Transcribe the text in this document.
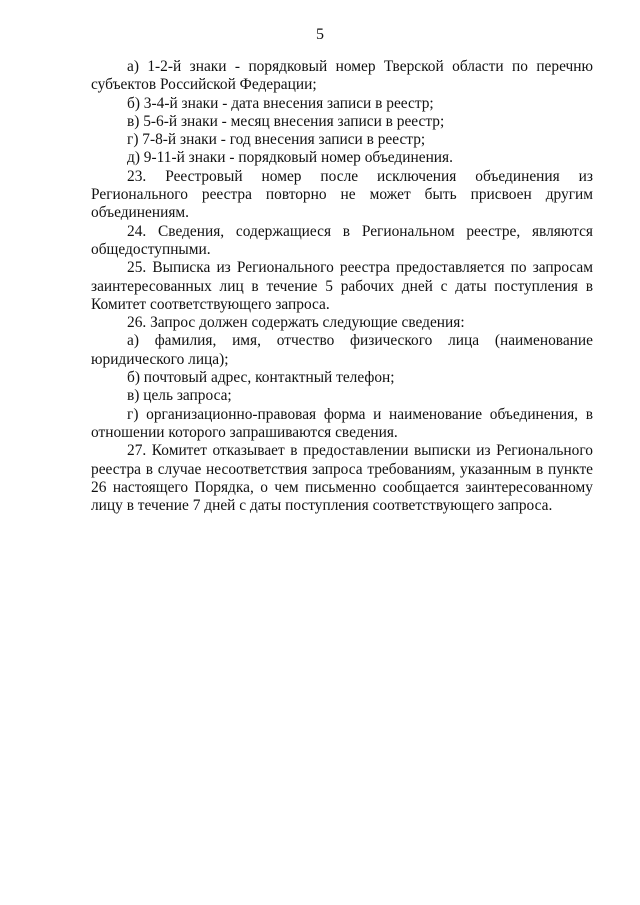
5

а) 1-2-й знаки - порядковый номер Тверской области по перечню субъектов Российской Федерации;

б) 3-4-й знаки - дата внесения записи в реестр;

в) 5-6-й знаки - месяц внесения записи в реестр;

г) 7-8-й знаки - год внесения записи в реестр;

д) 9-11-й знаки - порядковый номер объединения.

23. Реестровый номер после исключения объединения из Регионального реестра повторно не может быть присвоен другим объединениям.

24. Сведения, содержащиеся в Региональном реестре, являются общедоступными.

25. Выписка из Регионального реестра предоставляется по запросам заинтересованных лиц в течение 5 рабочих дней с даты поступления в Комитет соответствующего запроса.

26. Запрос должен содержать следующие сведения:

а) фамилия, имя, отчество физического лица (наименование юридического лица);

б) почтовый адрес, контактный телефон;

в) цель запроса;

г) организационно-правовая форма и наименование объединения, в отношении которого запрашиваются сведения.

27. Комитет отказывает в предоставлении выписки из Регионального реестра в случае несоответствия запроса требованиям, указанным в пункте 26 настоящего Порядка, о чем письменно сообщается заинтересованному лицу в течение 7 дней с даты поступления соответствующего запроса.
